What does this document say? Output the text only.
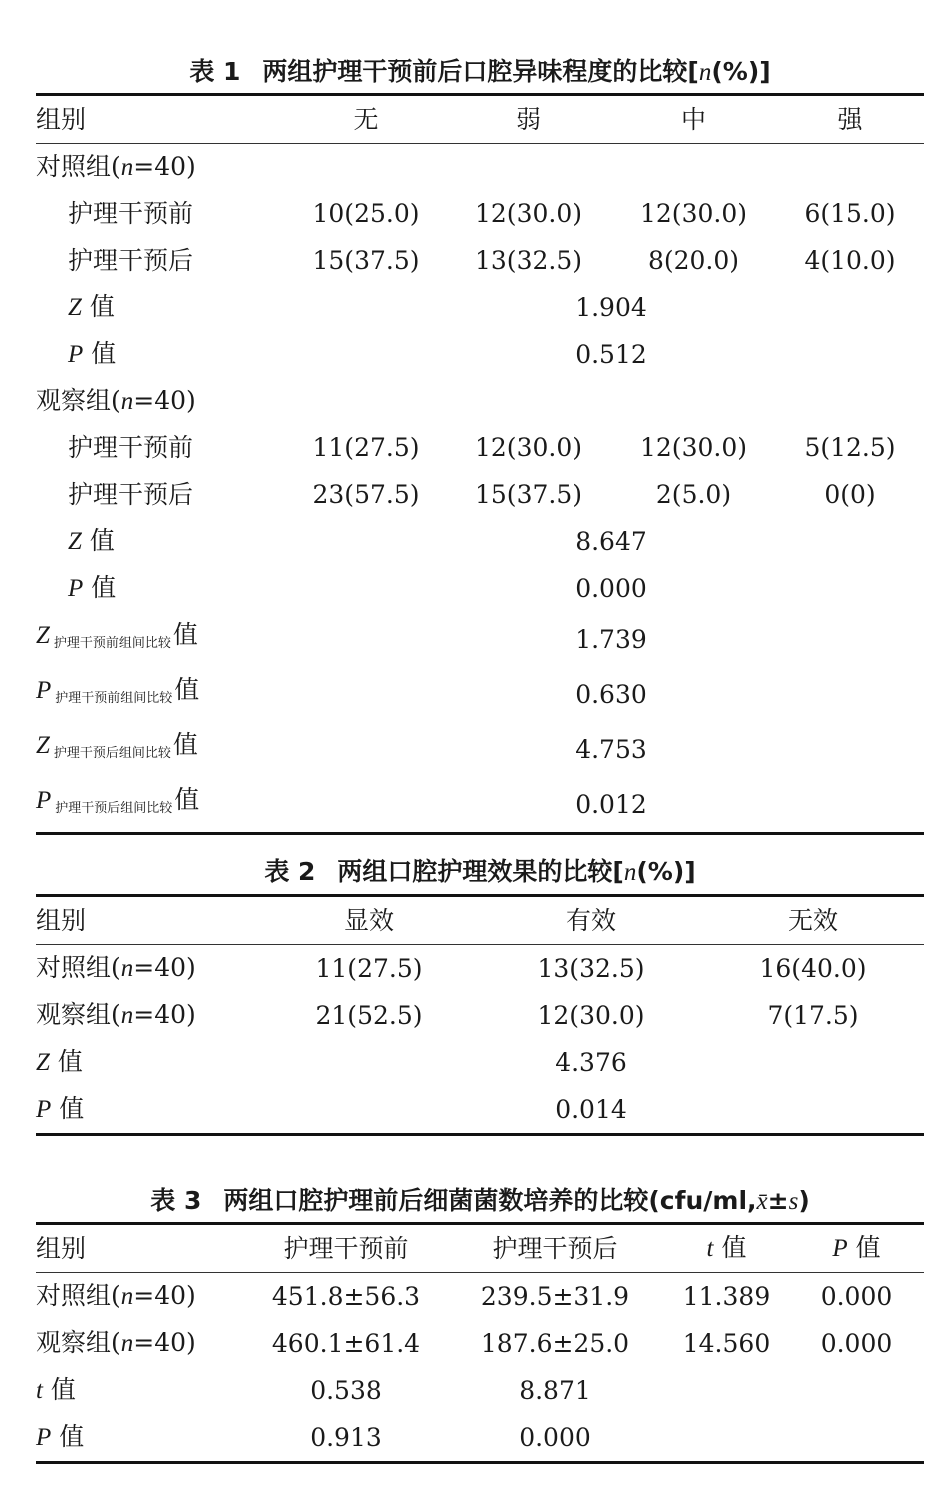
表 1 两组护理干预前后口腔异味程度的比较[n(%)]
组别	无	弱	中	强
对照组(n=40)				
护理干预前	10(25.0)	12(30.0)	12(30.0)	6(15.0)
护理干预后	15(37.5)	13(32.5)	8(20.0)	4(10.0)
Z 值		1.904		
P 值		0.512		
观察组(n=40)				
护理干预前	11(27.5)	12(30.0)	12(30.0)	5(12.5)
护理干预后	23(57.5)	15(37.5)	2(5.0)	0(0)
Z 值		8.647		
P 值		0.000		
Z $_{护理干预前组间比较}$值		1.739		
P $_{护理干预前组间比较}$值		0.630		
Z $_{护理干预后组间比较}$值		4.753		
P $_{护理干预后组间比较}$值		0.012		
表 2 两组口腔护理效果的比较[n(%)]
组别	显效	有效	无效
对照组(n=40)	11(27.5)	13(32.5)	16(40.0)
观察组(n=40)	21(52.5)	12(30.0)	7(17.5)
Z 值		4.376	
P 值		0.014	
表 3 两组口腔护理前后细菌菌数培养的比较(cfu/ml,x̄±s)
组别	护理干预前	护理干预后	t 值	P 值
对照组(n=40)	451.8±56.3	239.5±31.9	11.389	0.000
观察组(n=40)	460.1±61.4	187.6±25.0	14.560	0.000
t 值	0.538	8.871		
P 值	0.913	0.000		
